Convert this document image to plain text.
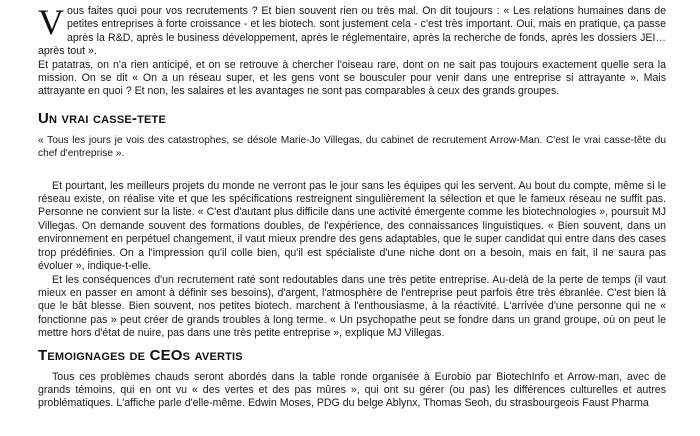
Vous faites quoi pour vos recrutements ? Et bien souvent rien ou très mal. On dit toujours : « Les relations humaines dans de petites entreprises à forte croissance - et les biotech. sont justement cela - c'est très important. Oui, mais en pratique, ça passe après la R&D, après le business développement, après le réglementaire, après la recherche de fonds, après les dossiers JEI… après tout ».

Et patatras, on n'a rien anticipé, et on se retrouve à chercher l'oiseau rare, dont on ne sait pas toujours exactement quelle sera la mission. On se dit « On a un réseau super, et les gens vont se bousculer pour venir dans une entreprise si attrayante ». Mais attrayante en quoi ? Et non, les salaires et les avantages ne sont pas comparables à ceux des grands groupes.

Un vrai casse-tete

« Tous les jours je vois des catastrophes, se désole Marie-Jo Villegas, du cabinet de recrutement Arrow-Man. C'est le vrai casse-tête du chef d'entreprise ».

Et pourtant, les meilleurs projets du monde ne verront pas le jour sans les équipes qui les servent. Au bout du compte, même si le réseau existe, on réalise vite et que les spécifications restreignent singulièrement la sélection et que le fameux réseau ne suffit pas. Personne ne convient sur la liste. « C'est d'autant plus difficile dans une activité émergente comme les biotechnologies », poursuit MJ Villegas. On demande souvent des formations doubles, de l'expérience, des connaissances linguistiques. « Bien souvent, dans un environnement en perpétuel changement, il vaut mieux prendre des gens adaptables, que le super candidat qui entre dans des cases trop prédéfinies. On a l'impression qu'il colle bien, qu'il est spécialiste d'une niche dont on a besoin, mais en fait, il ne saura pas évoluer », indique-t-elle.

Et les conséquences d'un recrutement raté sont redoutables dans une très petite entreprise. Au-delà de la perte de temps (il vaut mieux en passer en amont à définir ses besoins), d'argent, l'atmosphère de l'entreprise peut parfois être très ébranlée. C'est bien là que le bât blesse. Bien souvent, nos petites biotech. marchent à l'enthousiasme, à la réactivité. L'arrivée d'une personne qui ne « fonctionne pas » peut créer de grands troubles à long terme. « Un psychopathe peut se fondre dans un grand groupe, où on peut le mettre hors d'état de nuire, pas dans une très petite entreprise », explique MJ Villegas.

Temoignages de CEOs avertis

Tous ces problèmes chauds seront abordés dans la table ronde organisée à Eurobio par BiotechInfo et Arrow-man, avec de grands témoins, qui en ont vu « des vertes et des pas mûres », qui ont su gérer (ou pas) les différences culturelles et autres problématiques. L'affiche parle d'elle-même. Edwin Moses, PDG du belge Ablynx, Thomas Seoh, du strasbourgeois Faust Pharma
